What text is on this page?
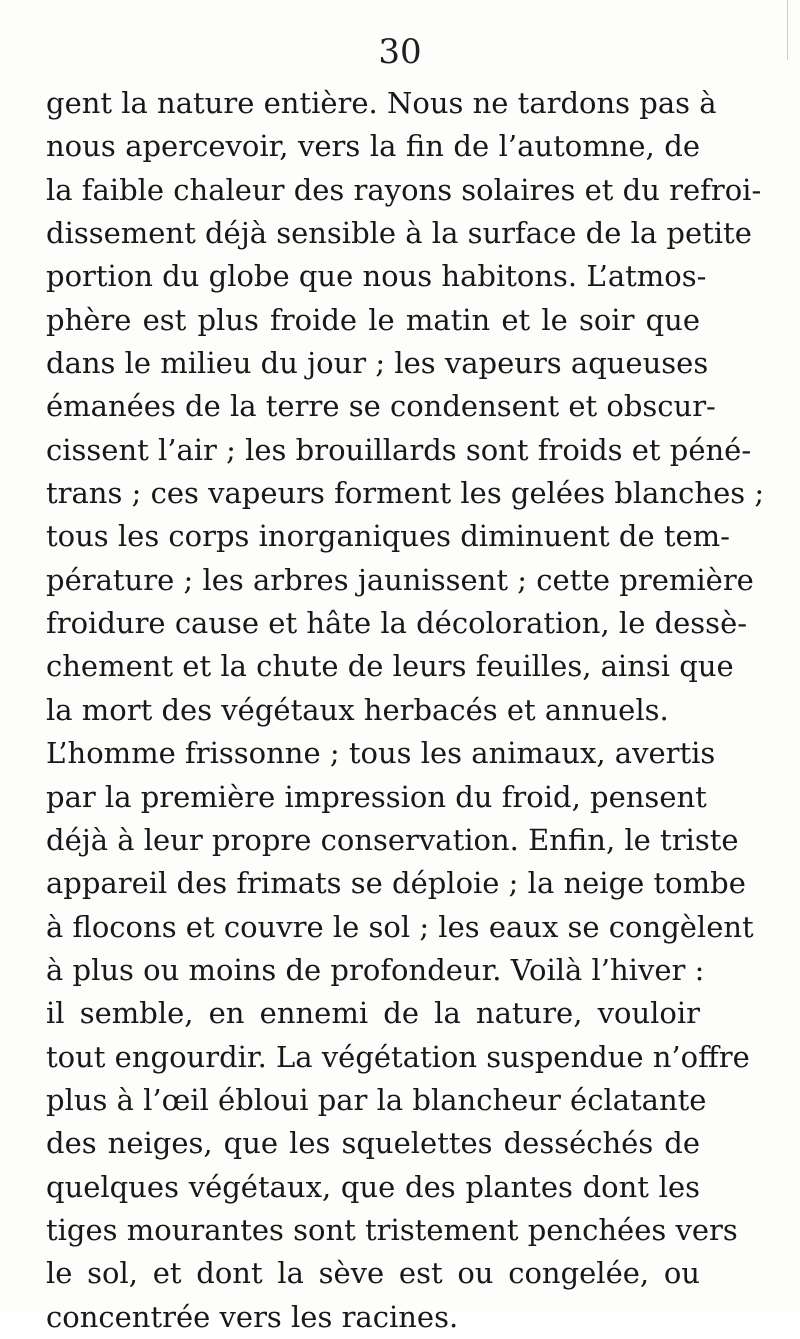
30
gent la nature entière. Nous ne tardons pas à
nous apercevoir, vers la fin de l’automne, de
la faible chaleur des rayons solaires et du refroi-
dissement déjà sensible à la surface de la petite
portion du globe que nous habitons. L’atmos-
phère est plus froide le matin et le soir que
dans le milieu du jour ; les vapeurs aqueuses
émanées de la terre se condensent et obscur-
cissent l’air ; les brouillards sont froids et péné-
trans ; ces vapeurs forment les gelées blanches ;
tous les corps inorganiques diminuent de tem-
pérature ; les arbres jaunissent ; cette première
froidure cause et hâte la décoloration, le dessè-
chement et la chute de leurs feuilles, ainsi que
la mort des végétaux herbacés et annuels.
L’homme frissonne ; tous les animaux, avertis
par la première impression du froid, pensent
déjà à leur propre conservation. Enfin, le triste
appareil des frimats se déploie ; la neige tombe
à flocons et couvre le sol ; les eaux se congèlent
à plus ou moins de profondeur. Voilà l’hiver :
il semble, en ennemi de la nature, vouloir
tout engourdir. La végétation suspendue n’offre
plus à l’œil ébloui par la blancheur éclatante
des neiges, que les squelettes desséchés de
quelques végétaux, que des plantes dont les
tiges mourantes sont tristement penchées vers
le sol, et dont la sève est ou congelée, ou
concentrée vers les racines.
